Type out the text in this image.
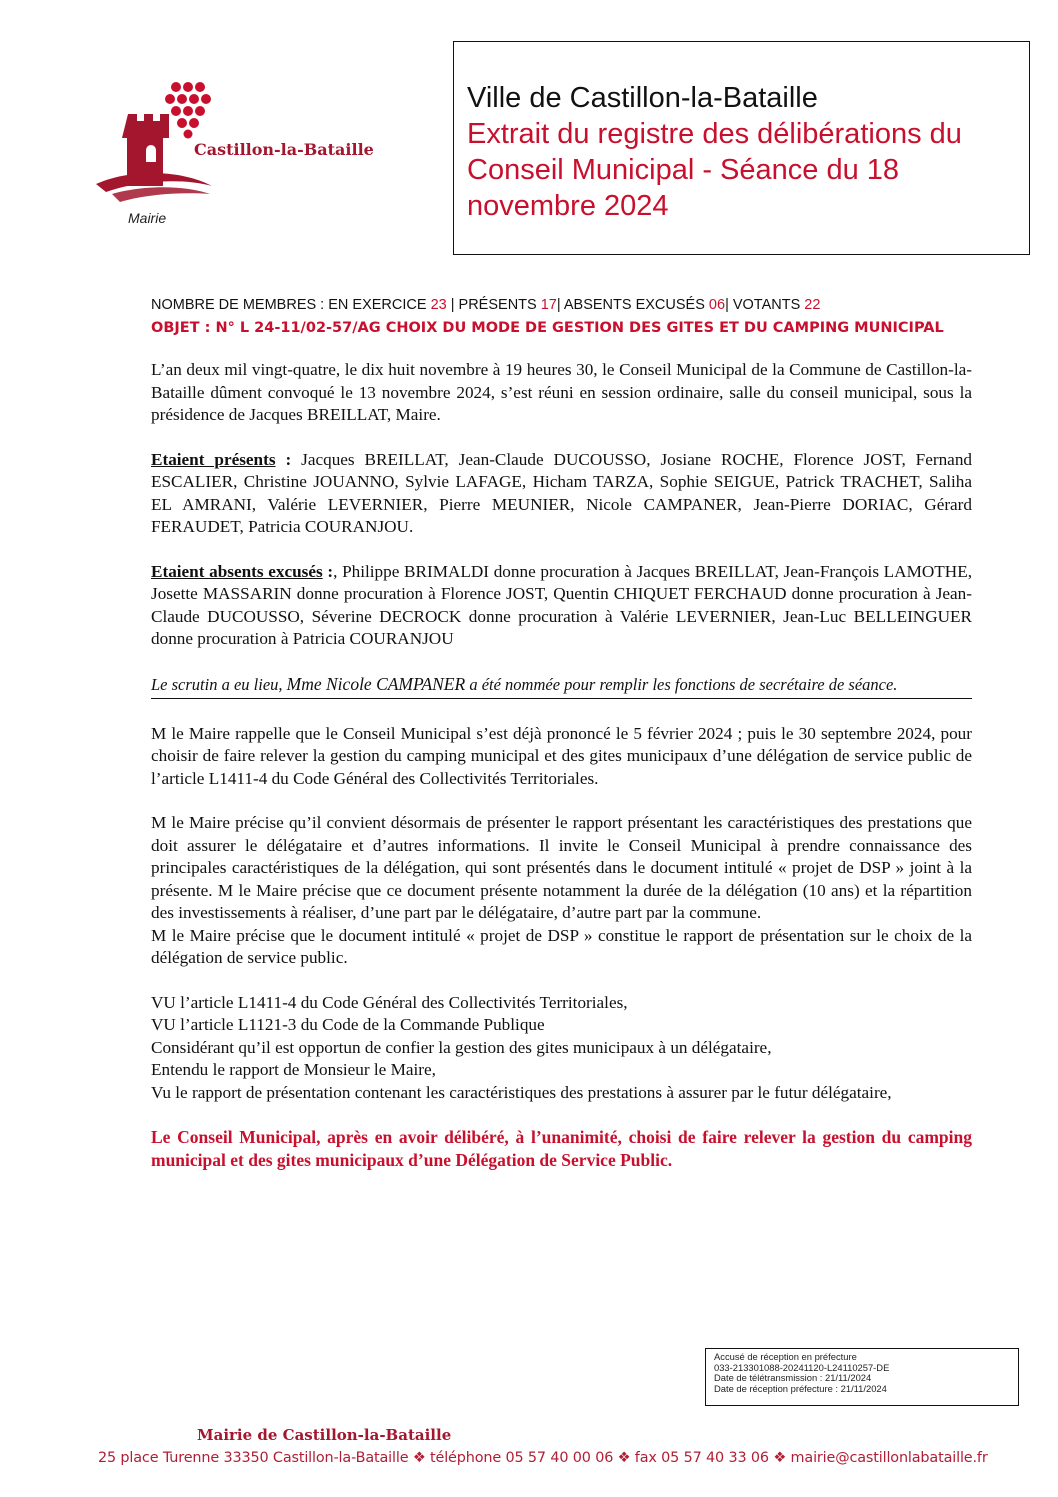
Castillon-la-Bataille
Mairie
Ville de Castillon-la-Bataille
Extrait du registre des délibérations du Conseil Municipal - Séance du 18 novembre 2024
NOMBRE DE MEMBRES : EN EXERCICE 23 | PRÉSENTS 17| ABSENTS EXCUSÉS 06| VOTANTS 22
OBJET : N° L 24-11/02-57/AG CHOIX DU MODE DE GESTION DES GITES ET DU CAMPING MUNICIPAL

L’an deux mil vingt-quatre, le dix huit novembre à 19 heures 30, le Conseil Municipal de la Commune de Castillon-la-Bataille dûment convoqué le 13 novembre 2024, s’est réuni en session ordinaire, salle du conseil municipal, sous la présidence de Jacques BREILLAT, Maire.

Etaient présents : Jacques BREILLAT, Jean-Claude DUCOUSSO, Josiane ROCHE, Florence JOST, Fernand ESCALIER, Christine JOUANNO, Sylvie LAFAGE, Hicham TARZA, Sophie SEIGUE, Patrick TRACHET, Saliha EL AMRANI, Valérie LEVERNIER, Pierre MEUNIER, Nicole CAMPANER, Jean-Pierre DORIAC, Gérard FERAUDET, Patricia COURANJOU.

Etaient absents excusés :, Philippe BRIMALDI donne procuration à Jacques BREILLAT, Jean-François LAMOTHE, Josette MASSARIN donne procuration à Florence JOST, Quentin CHIQUET FERCHAUD donne procuration à Jean-Claude DUCOUSSO, Séverine DECROCK donne procuration à Valérie LEVERNIER, Jean-Luc BELLEINGUER donne procuration à Patricia COURANJOU

Le scrutin a eu lieu, Mme Nicole CAMPANER a été nommée pour remplir les fonctions de secrétaire de séance.

M le Maire rappelle que le Conseil Municipal s’est déjà prononcé le 5 février 2024 ; puis le 30 septembre 2024, pour choisir de faire relever la gestion du camping municipal et des gites municipaux d’une délégation de service public de l’article L1411-4 du Code Général des Collectivités Territoriales.

M le Maire précise qu’il convient désormais de présenter le rapport présentant les caractéristiques des prestations que doit assurer le délégataire et d’autres informations. Il invite le Conseil Municipal à prendre connaissance des principales caractéristiques de la délégation, qui sont présentés dans le document intitulé « projet de DSP » joint à la présente. M le Maire précise que ce document présente notamment la durée de la délégation (10 ans) et la répartition des investissements à réaliser, d’une part par le délégataire, d’autre part par la commune.

M le Maire précise que le document intitulé « projet de DSP » constitue le rapport de présentation sur le choix de la délégation de service public.

VU l’article L1411-4 du Code Général des Collectivités Territoriales,

VU l’article L1121-3 du Code de la Commande Publique

Considérant qu’il est opportun de confier la gestion des gites municipaux à un délégataire,

Entendu le rapport de Monsieur le Maire,

Vu le rapport de présentation contenant les caractéristiques des prestations à assurer par le futur délégataire,

Le Conseil Municipal, après en avoir délibéré, à l’unanimité, choisi de faire relever la gestion du camping municipal et des gites municipaux d’une Délégation de Service Public.
Accusé de réception en préfecture
033-213301088-20241120-L24110257-DE
Date de télétransmission : 21/11/2024
Date de réception préfecture : 21/11/2024
Mairie de Castillon-la-Bataille
25 place Turenne 33350 Castillon-la-Bataille ❖ téléphone 05 57 40 00 06 ❖ fax 05 57 40 33 06 ❖ mairie@castillonlabataille.fr
